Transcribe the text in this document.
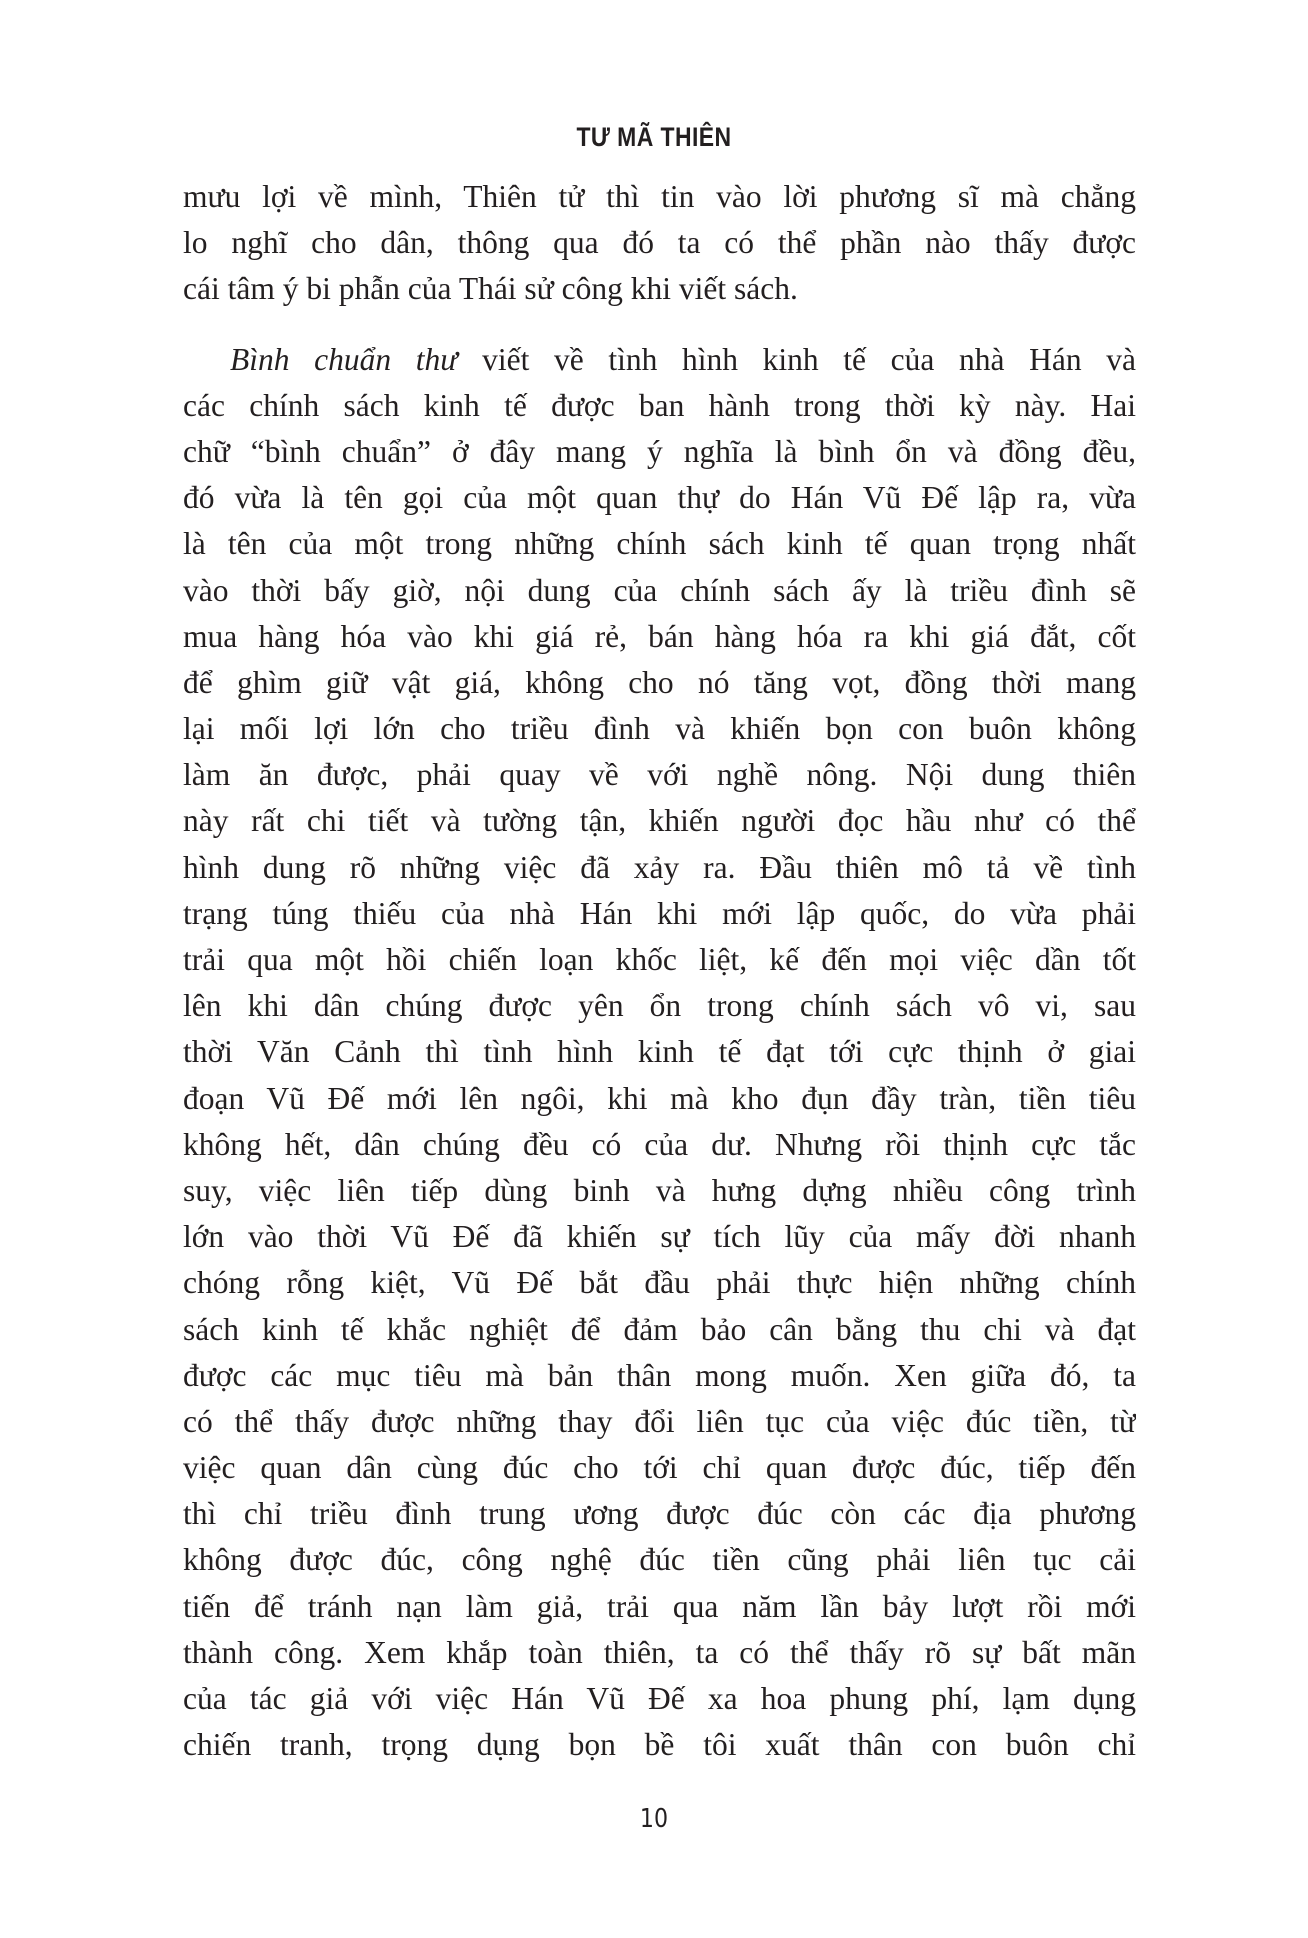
TƯ MÃ THIÊN
mưu lợi về mình, Thiên tử thì tin vào lời phương sĩ mà chẳng
lo nghĩ cho dân, thông qua đó ta có thể phần nào thấy được
cái tâm ý bi phẫn của Thái sử công khi viết sách.
Bình chuẩn thư viết về tình hình kinh tế của nhà Hán và
các chính sách kinh tế được ban hành trong thời kỳ này. Hai
chữ “bình chuẩn” ở đây mang ý nghĩa là bình ổn và đồng đều,
đó vừa là tên gọi của một quan thự do Hán Vũ Đế lập ra, vừa
là tên của một trong những chính sách kinh tế quan trọng nhất
vào thời bấy giờ, nội dung của chính sách ấy là triều đình sẽ
mua hàng hóa vào khi giá rẻ, bán hàng hóa ra khi giá đắt, cốt
để ghìm giữ vật giá, không cho nó tăng vọt, đồng thời mang
lại mối lợi lớn cho triều đình và khiến bọn con buôn không
làm ăn được, phải quay về với nghề nông. Nội dung thiên
này rất chi tiết và tường tận, khiến người đọc hầu như có thể
hình dung rõ những việc đã xảy ra. Đầu thiên mô tả về tình
trạng túng thiếu của nhà Hán khi mới lập quốc, do vừa phải
trải qua một hồi chiến loạn khốc liệt, kế đến mọi việc dần tốt
lên khi dân chúng được yên ổn trong chính sách vô vi, sau
thời Văn Cảnh thì tình hình kinh tế đạt tới cực thịnh ở giai
đoạn Vũ Đế mới lên ngôi, khi mà kho đụn đầy tràn, tiền tiêu
không hết, dân chúng đều có của dư. Nhưng rồi thịnh cực tắc
suy, việc liên tiếp dùng binh và hưng dựng nhiều công trình
lớn vào thời Vũ Đế đã khiến sự tích lũy của mấy đời nhanh
chóng rỗng kiệt, Vũ Đế bắt đầu phải thực hiện những chính
sách kinh tế khắc nghiệt để đảm bảo cân bằng thu chi và đạt
được các mục tiêu mà bản thân mong muốn. Xen giữa đó, ta
có thể thấy được những thay đổi liên tục của việc đúc tiền, từ
việc quan dân cùng đúc cho tới chỉ quan được đúc, tiếp đến
thì chỉ triều đình trung ương được đúc còn các địa phương
không được đúc, công nghệ đúc tiền cũng phải liên tục cải
tiến để tránh nạn làm giả, trải qua năm lần bảy lượt rồi mới
thành công. Xem khắp toàn thiên, ta có thể thấy rõ sự bất mãn
của tác giả với việc Hán Vũ Đế xa hoa phung phí, lạm dụng
chiến tranh, trọng dụng bọn bề tôi xuất thân con buôn chỉ
10
